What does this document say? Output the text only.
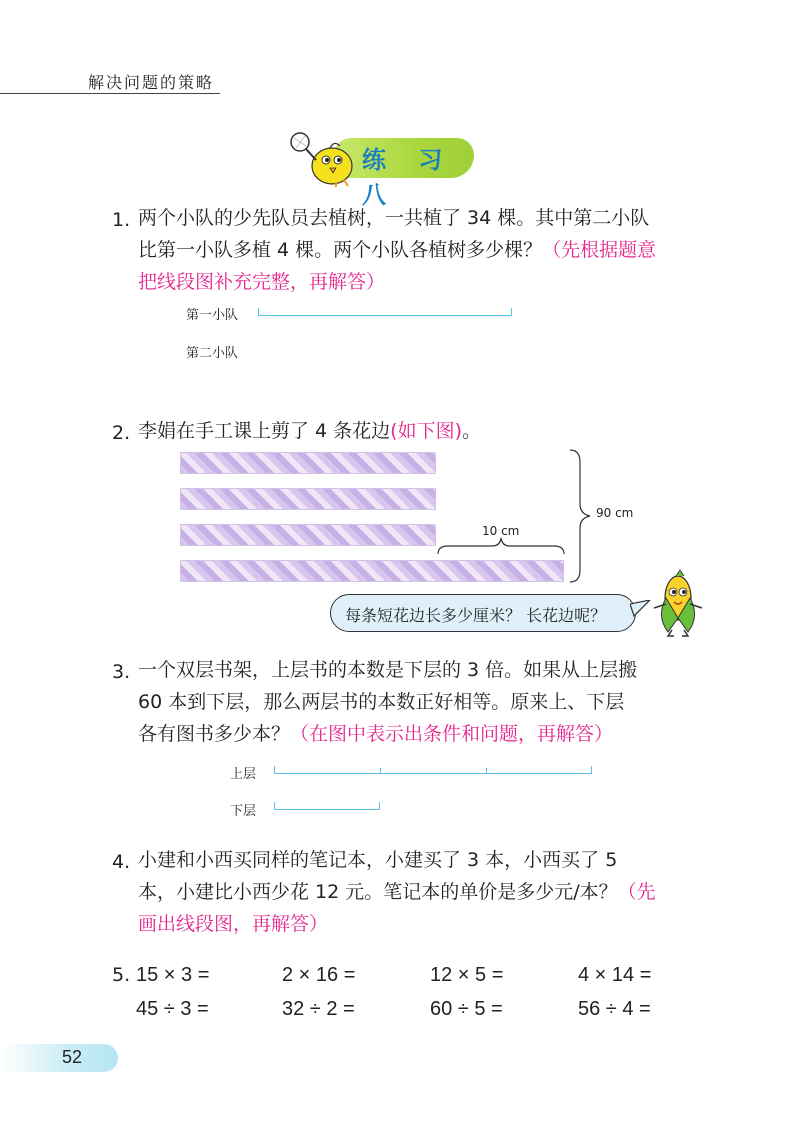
解决问题的策略
练 习 八
1. 两个小队的少先队员去植树，一共植了 34 棵。其中第二小队
比第一小队多植 4 棵。两个小队各植树多少棵？（先根据题意
把线段图补充完整，再解答）
第一小队
第二小队
2. 李娟在手工课上剪了 4 条花边(如下图)。
10 cm
90 cm
每条短花边长多少厘米？ 长花边呢？
3. 一个双层书架，上层书的本数是下层的 3 倍。如果从上层搬
60 本到下层，那么两层书的本数正好相等。原来上、下层
各有图书多少本？（在图中表示出条件和问题，再解答）
上层
下层
4. 小建和小西买同样的笔记本，小建买了 3 本，小西买了 5
本，小建比小西少花 12 元。笔记本的单价是多少元/本？（先
画出线段图，再解答）
5. 15 × 3 =	2 × 16 =	12 × 5 =	4 × 14 =
45 ÷ 3 =	32 ÷ 2 =	60 ÷ 5 =	56 ÷ 4 =
52
